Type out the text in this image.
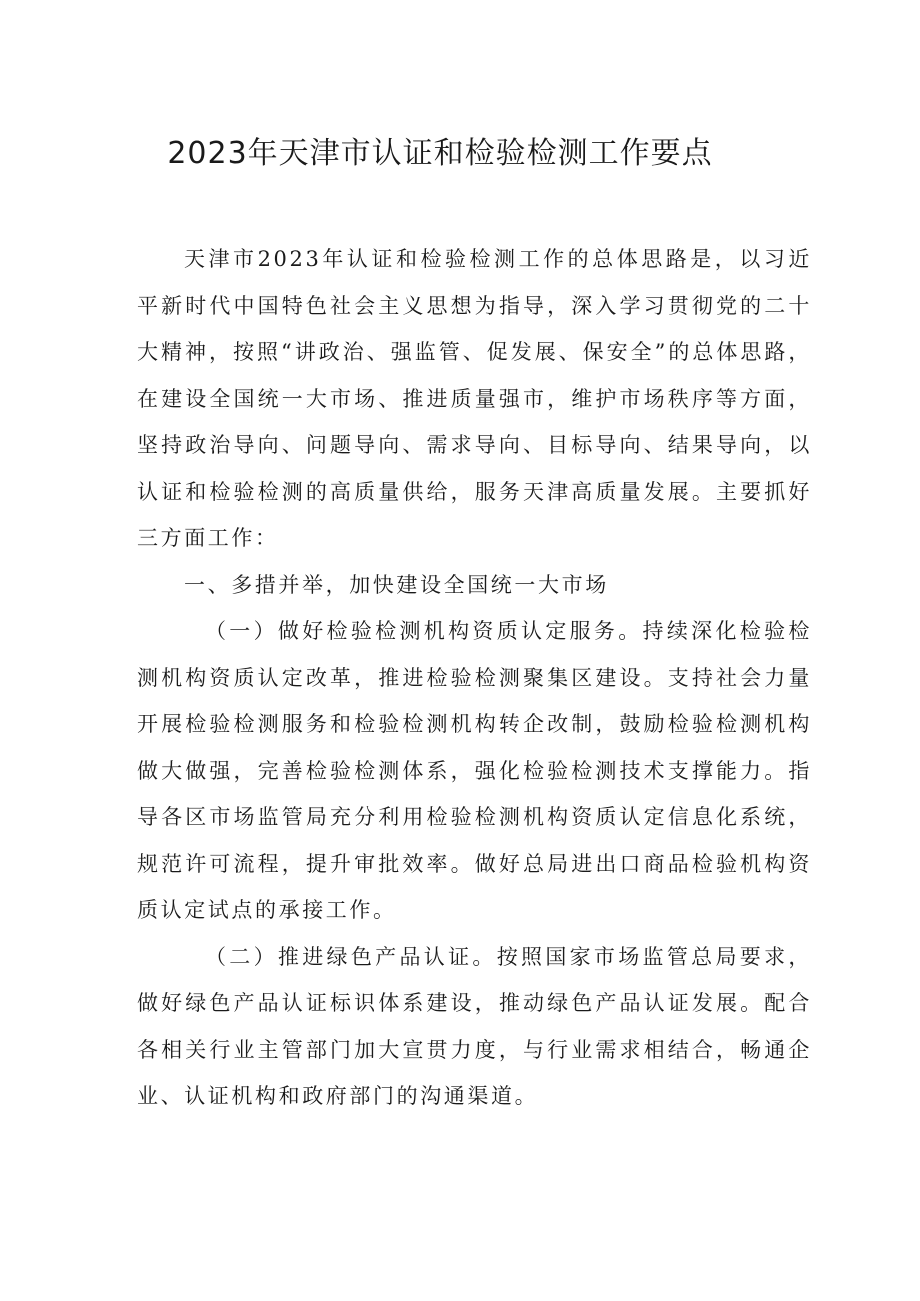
2023年天津市认证和检验检测工作要点

天津市2023年认证和检验检测工作的总体思路是，以习近平新时代中国特色社会主义思想为指导，深入学习贯彻党的二十大精神，按照“讲政治、强监管、促发展、保安全”的总体思路，在建设全国统一大市场、推进质量强市，维护市场秩序等方面，坚持政治导向、问题导向、需求导向、目标导向、结果导向，以认证和检验检测的高质量供给，服务天津高质量发展。主要抓好三方面工作：

一、多措并举，加快建设全国统一大市场

（一）做好检验检测机构资质认定服务。持续深化检验检测机构资质认定改革，推进检验检测聚集区建设。支持社会力量开展检验检测服务和检验检测机构转企改制，鼓励检验检测机构做大做强，完善检验检测体系，强化检验检测技术支撑能力。指导各区市场监管局充分利用检验检测机构资质认定信息化系统，规范许可流程，提升审批效率。做好总局进出口商品检验机构资质认定试点的承接工作。

（二）推进绿色产品认证。按照国家市场监管总局要求，做好绿色产品认证标识体系建设，推动绿色产品认证发展。配合各相关行业主管部门加大宣贯力度，与行业需求相结合，畅通企业、认证机构和政府部门的沟通渠道。
